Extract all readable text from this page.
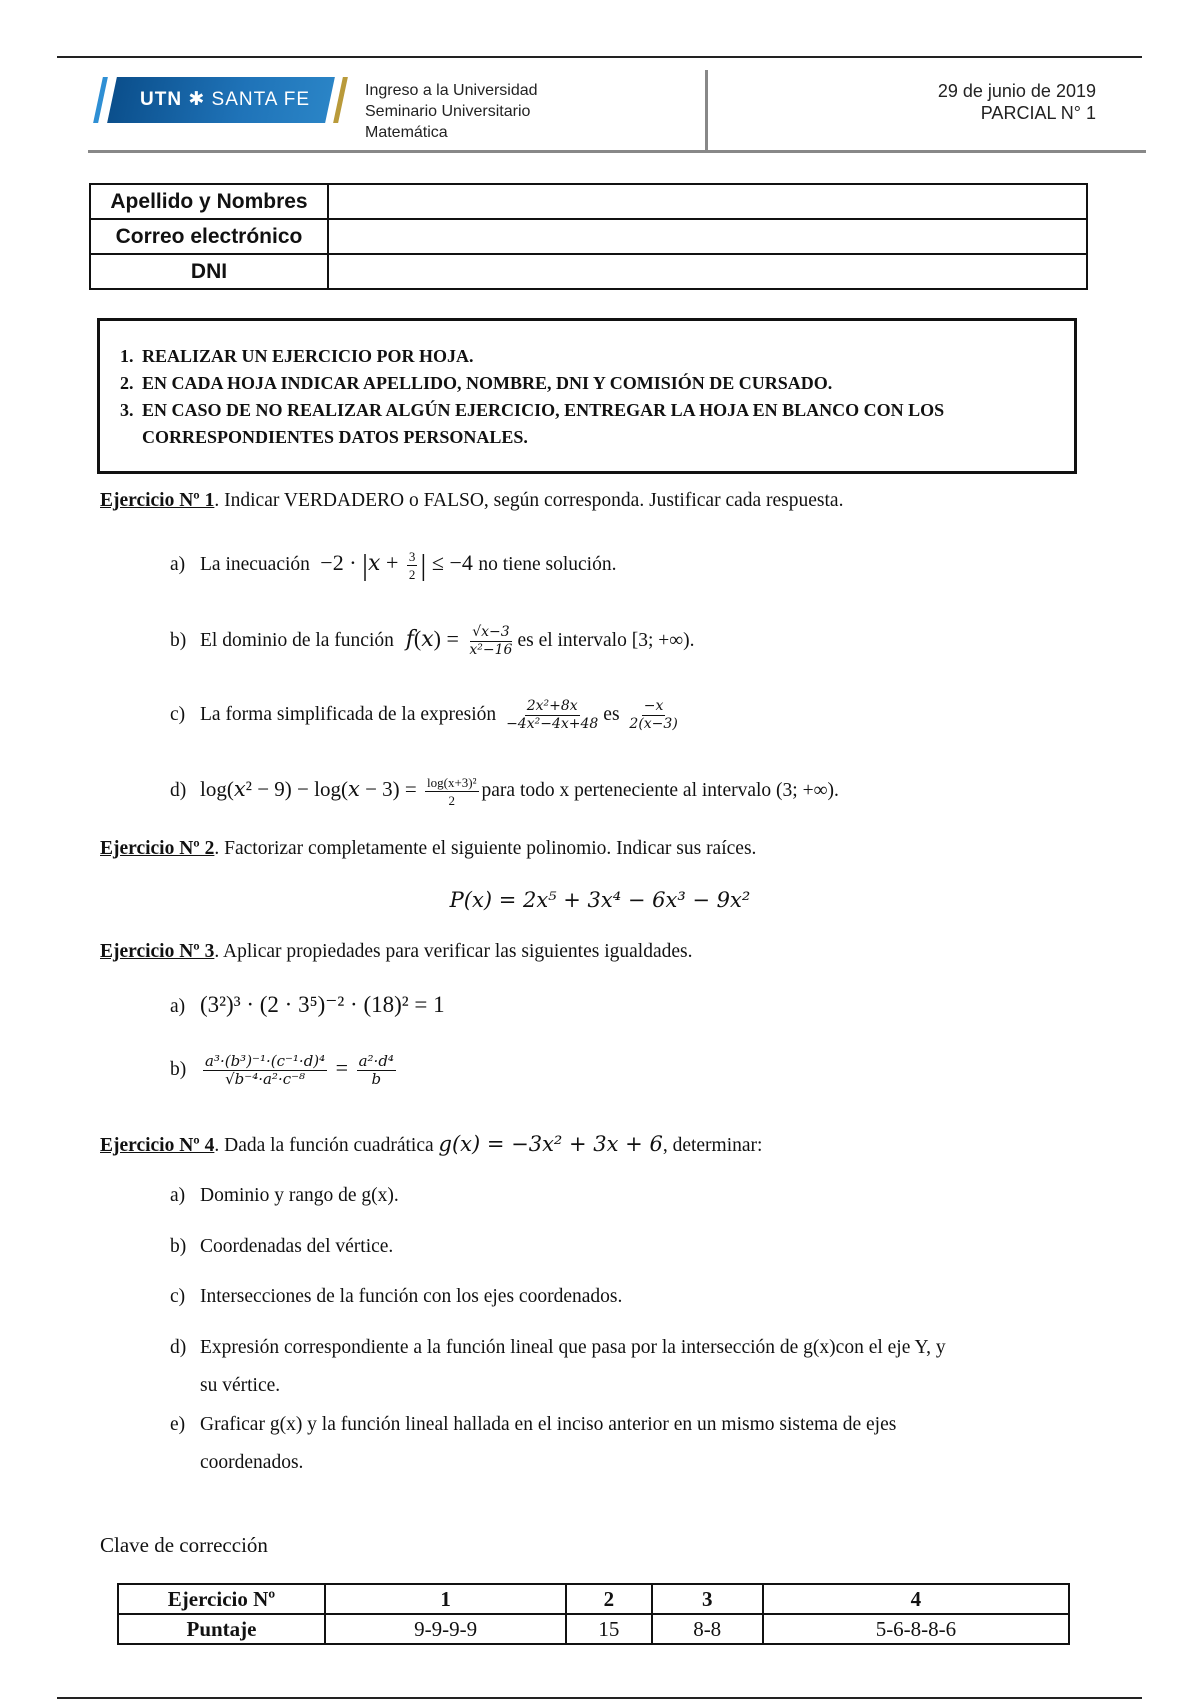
UTN ✱ SANTA FE	Ingreso a la Universidad
Seminario Universitario
Matemática
29 de junio de 2019
PARCIAL N° 1
Apellido y Nombres	
Correo electrónico	
DNI	
1. REALIZAR UN EJERCICIO POR HOJA.
2. EN CADA HOJA INDICAR APELLIDO, NOMBRE, DNI Y COMISIÓN DE CURSADO.
3. EN CASO DE NO REALIZAR ALGÚN EJERCICIO, ENTREGAR LA HOJA EN BLANCO CON LOS CORRESPONDIENTES DATOS PERSONALES.
Ejercicio Nº 1. Indicar VERDADERO o FALSO, según corresponda. Justificar cada respuesta.
a) La inecuación  $-2 \cdot |x + \frac{3}{2}$ | ≤ −4 no tiene solución.
b) El dominio de la función  $f(x) = \frac{√x-3}{\text{x²−16}}$ es el intervalo [3; +∞).
c) La forma simplificada de la expresión $\frac{\text{2x²+8x}}{\text{−4x²−4x+48}}$ es $\frac{-x}{2(x-3)}$
d) $\log(x^2 - 9) - \log(x - 3) = \frac{\text{log(x+3)²}}{2}$ para todo x perteneciente al intervalo (3; +∞).
Ejercicio Nº 2. Factorizar completamente el siguiente polinomio. Indicar sus raíces.
P(x) = 2x⁵ + 3x⁴ − 6x³ − 9x²
Ejercicio Nº 3. Aplicar propiedades para verificar las siguientes igualdades.
a) (3²)³ · (2 · 3⁵)⁻² · (18)² = 1
$b) \frac{\text{a³·(b³)⁻¹·(c⁻¹·d)⁴}}{\text{√b⁻⁴·a²·c⁻⁸}} = \frac{\text{a²·d⁴}}{b}$
Ejercicio Nº 4. Dada la función cuadrática g(x) = −3x² + 3x + 6, determinar:
a) Dominio y rango de g(x).
b) Coordenadas del vértice.
c) Intersecciones de la función con los ejes coordenados.
d) Expresión correspondiente a la función lineal que pasa por la intersección de g(x)con el eje Y, y
su vértice.
e) Graficar g(x) y la función lineal hallada en el inciso anterior en un mismo sistema de ejes
coordenados.
Clave de corrección
Ejercicio Nº	1	2	3	4
Puntaje	9-9-9-9	15	8-8	5-6-8-8-6
